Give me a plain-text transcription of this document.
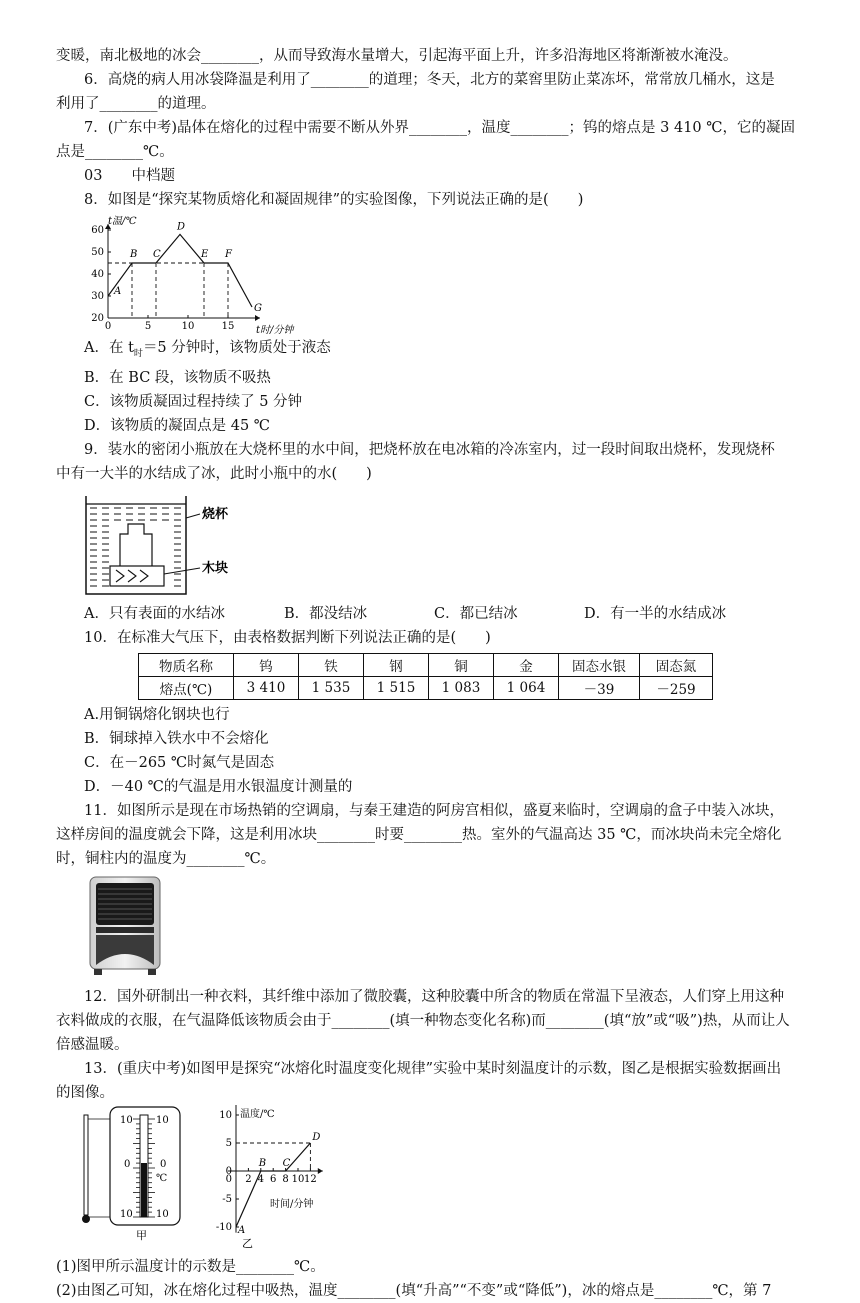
变暖，南北极地的冰会________，从而导致海水量增大，引起海平面上升，许多沿海地区将渐渐被水淹没。

6．高烧的病人用冰袋降温是利用了________的道理；冬天，北方的菜窖里防止菜冻坏，常常放几桶水，这是

利用了________的道理。

7．(广东中考)晶体在熔化的过程中需要不断从外界________，温度________；钨的熔点是 3 410 ℃，它的凝固

点是________℃。

03　　中档题

8．如图是“探究某物质熔化和凝固规律”的实验图像，下列说法正确的是(　　)

20
30
40
50
60
0	5	10	15
A
B C
D
E F
G
t温/℃
t时/分钟
A．在 $t_时=5$ 分钟时，该物质处于液态
B．在 BC 段，该物质不吸热
C．该物质凝固过程持续了 5 分钟
D．该物质的凝固点是 45 ℃

9．装水的密闭小瓶放在大烧杯里的水中间，把烧杯放在电冰箱的冷冻室内，过一段时间取出烧杯，发现烧杯

中有一大半的水结成了冰，此时小瓶中的水(　　)

烧杯
木块
A．只有表面的水结冰	B．都没结冰	C．都已结冰	D．有一半的水结成冰

10．在标准大气压下，由表格数据判断下列说法正确的是(　　)

物质名称	钨	铁	钢	铜	金	固态水银	固态氮
熔点(℃)	3 410	1 535	1 515	1 083	1 064	－39	－259
A.用铜锅熔化钢块也行
B．铜球掉入铁水中不会熔化
C．在－265 ℃时氮气是固态
D．－40 ℃的气温是用水银温度计测量的

11．如图所示是现在市场热销的空调扇，与秦王建造的阿房宫相似，盛夏来临时，空调扇的盒子中装入冰块，

这样房间的温度就会下降，这是利用冰块________时要________热。室外的气温高达 35 ℃，而冰块尚未完全熔化

时，铜柱内的温度为________℃。

12．国外研制出一种衣料，其纤维中添加了微胶囊，这种胶囊中所含的物质在常温下呈液态，人们穿上用这种

衣料做成的衣服，在气温降低该物质会由于________(填一种物态变化名称)而________(填“放”或“吸”)热，从而让人

倍感温暖。

13．(重庆中考)如图甲是探究“冰熔化时温度变化规律”实验中某时刻温度计的示数，图乙是根据实验数据画出

的图像。

10 10
0	0
℃
10 10
甲
10
5
0
-5
-10
2 4 6 8 10 12
0
A
B C
D
温度/℃
时间/分钟
乙

(1)图甲所示温度计的示数是________℃。

(2)由图乙可知，冰在熔化过程中吸热，温度________(填“升高”“不变”或“降低”)，冰的熔点是________℃，第 7
